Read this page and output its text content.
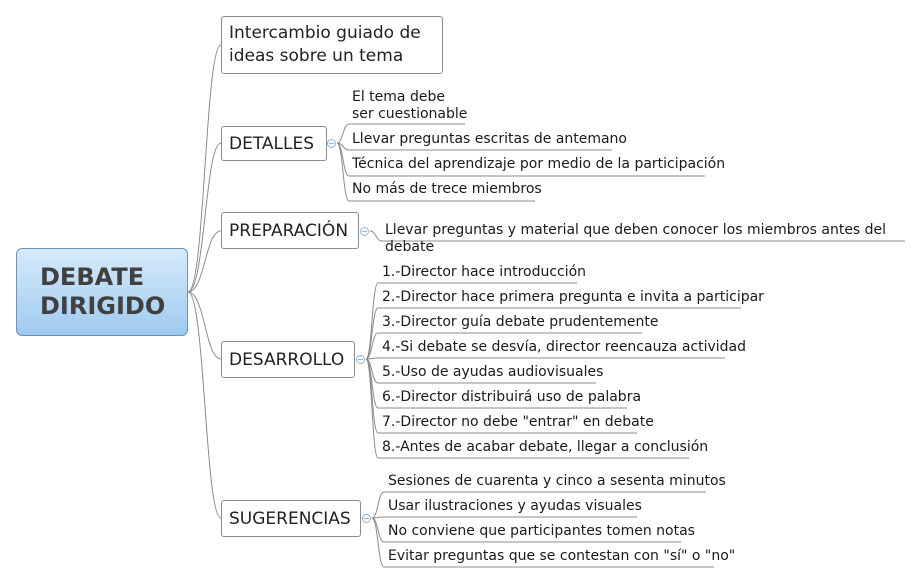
DEBATE
DIRIGIDO
Intercambio guiado de
ideas sobre un tema
DETALLES
El tema debe
ser cuestionable
Llevar preguntas escritas de antemano
Técnica del aprendizaje por medio de la participación
No más de trece miembros
PREPARACIÓN	Llevar preguntas y material que deben conocer los miembros antes del debate
DESARROLLO
1.-Director hace introducción
2.-Director hace primera pregunta e invita a participar
3.-Director guía debate prudentemente
4.-Si debate se desvía, director reencauza actividad
5.-Uso de ayudas audiovisuales
6.-Director distribuirá uso de palabra
7.-Director no debe "entrar" en debate
8.-Antes de acabar debate, llegar a conclusión
SUGERENCIAS
Sesiones de cuarenta y cinco a sesenta minutos
Usar ilustraciones y ayudas visuales
No conviene que participantes tomen notas
Evitar preguntas que se contestan con "sí" o "no"
